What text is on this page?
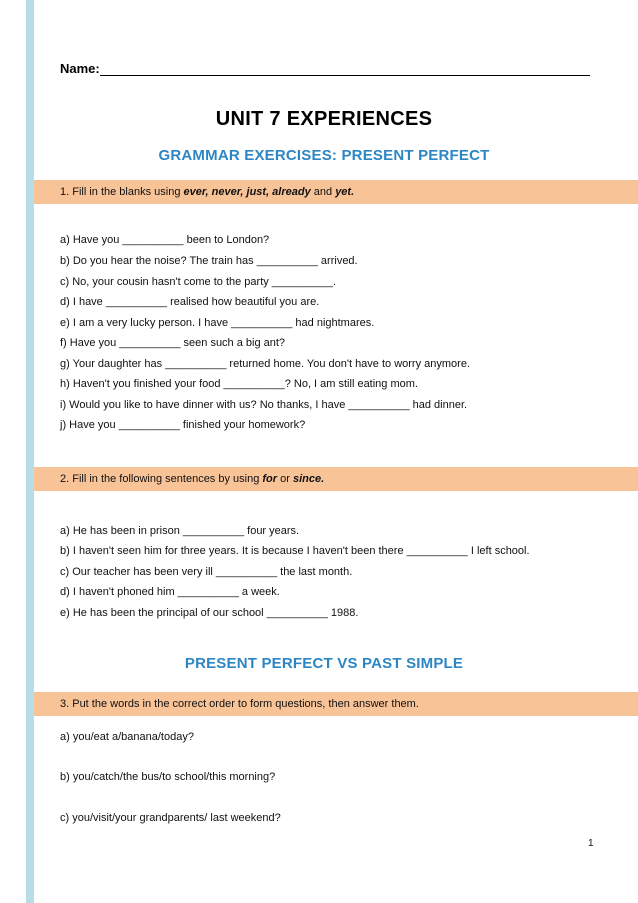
Name:
UNIT 7 EXPERIENCES
GRAMMAR EXERCISES: PRESENT PERFECT
1. Fill in the blanks using ever, never, just, already and yet.
a) Have you __________ been to London?
b) Do you hear the noise? The train has __________ arrived.
c) No, your cousin hasn't come to the party __________.
d) I have __________ realised how beautiful you are.
e) I am a very lucky person. I have __________ had nightmares.
f) Have you __________ seen such a big ant?
g) Your daughter has __________ returned home. You don't have to worry anymore.
h) Haven't you finished your food __________? No, I am still eating mom.
i) Would you like to have dinner with us? No thanks, I have __________ had dinner.
j) Have you __________ finished your homework?
2. Fill in the following sentences by using for or since.
a) He has been in prison __________ four years.
b) I haven't seen him for three years. It is because I haven't been there __________ I left school.
c) Our teacher has been very ill __________ the last month.
d) I haven't phoned him __________ a week.
e) He has been the principal of our school __________ 1988.
PRESENT PERFECT VS PAST SIMPLE
3. Put the words in the correct order to form questions, then answer them.
a) you/eat a/banana/today?
b) you/catch/the bus/to school/this morning?
c) you/visit/your grandparents/ last weekend?
1
